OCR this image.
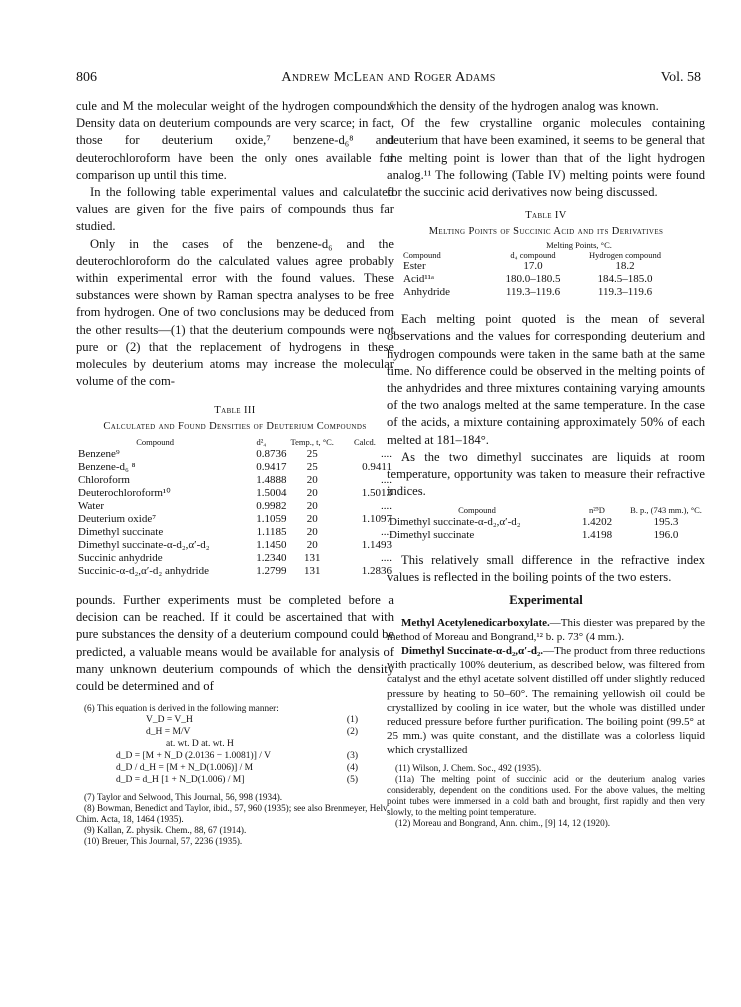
806	Andrew McLean and Roger Adams	Vol. 58

cule and M the molecular weight of the hydrogen compound.⁶ Density data on deuterium compounds are very scarce; in fact, those for deuterium oxide,⁷ benzene-d₆⁸ and deuterochloroform have been the only ones available for comparison up until this time.

In the following table experimental values and calculated values are given for the five pairs of compounds thus far studied.

Only in the cases of the benzene-d₆ and the deuterochloroform do the calculated values agree probably within experimental error with the found values. These substances were shown by Raman spectra analyses to be free from hydrogen. One of two conclusions may be deduced from the other results—(1) that the deuterium compounds were not pure or (2) that the replacement of hydrogens in these molecules by deuterium atoms may increase the molecular volume of the com-

Table III
Calculated and Found Densities of Deuterium Compounds
Compound	d²₄	Temp., t, °C.	Calcd.
Benzene⁹	0.8736	25	....
Benzene-d₆ ⁸	0.9417	25	0.9411
Chloroform	1.4888	20	....
Deuterochloroform¹⁰	1.5004	20	1.5013
Water	0.9982	20	....
Deuterium oxide⁷	1.1059	20	1.1097
Dimethyl succinate	1.1185	20	....
Dimethyl succinate-α-d₂,α′-d₂	1.1450	20	1.1493
Succinic anhydride	1.2340	131	....
Succinic-α-d₂,α′-d₂ anhydride	1.2799	131	1.2836

pounds. Further experiments must be completed before a decision can be reached. If it could be ascertained that with pure substances the density of a deuterium compound could be predicted, a valuable means would be available for analysis of many unknown deuterium compounds of which the density could be determined and of

(6) This equation is derived in the following manner:
V_D = V_H	(1)
d_H = M/V	(2)
at. wt. D at. wt. H
d_D = [M + N_D (2.0136 − 1.0081)] / V	(3)
d_D / d_H = [M + N_D(1.006)] / M	(4)
d_D = d_H [1 + N_D(1.006) / M]	(5)
(7) Taylor and Selwood, This Journal, 56, 998 (1934).
(8) Bowman, Benedict and Taylor, ibid., 57, 960 (1935); see also Brenmeyer, Helv. Chim. Acta, 18, 1464 (1935).
(9) Kallan, Z. physik. Chem., 88, 67 (1914).
(10) Breuer, This Journal, 57, 2236 (1935).

which the density of the hydrogen analog was known.

Of the few crystalline organic molecules containing deuterium that have been examined, it seems to be general that the melting point is lower than that of the light hydrogen analog.¹¹ The following (Table IV) melting points were found for the succinic acid derivatives now being discussed.

Table IV
Melting Points of Succinic Acid and its Derivatives
	Melting Points, °C.	
Compound	d₄ compound	Hydrogen compound
Ester	17.0	18.2
Acid¹¹ᵃ	180.0–180.5	184.5–185.0
Anhydride	119.3–119.6	119.3–119.6

Each melting point quoted is the mean of several observations and the values for corresponding deuterium and hydrogen compounds were taken in the same bath at the same time. No difference could be observed in the melting points of the anhydrides and three mixtures containing varying amounts of the two analogs melted at the same temperature. In the case of the acids, a mixture containing approximately 50% of each melted at 181–184°.

As the two dimethyl succinates are liquids at room temperature, opportunity was taken to measure their refractive indices.

Compound	n²⁵D	B. p., (743 mm.), °C.
Dimethyl succinate-α-d₂,α′-d₂	1.4202	195.3
Dimethyl succinate	1.4198	196.0

This relatively small difference in the refractive index values is reflected in the boiling points of the two esters.

Experimental

Methyl Acetylenedicarboxylate.—This diester was prepared by the method of Moreau and Bongrand,¹² b. p. 73° (4 mm.).

Dimethyl Succinate-α-d₂,α′-d₂.—The product from three reductions with practically 100% deuterium, as described below, was filtered from catalyst and the ethyl acetate solvent distilled off under slightly reduced pressure by heating to 50–60°. The remaining yellowish oil could be crystallized by cooling in ice water, but the whole was distilled under reduced pressure before further purification. The boiling point (99.5° at 25 mm.) was quite constant, and the distillate was a colorless liquid which crystallized

(11) Wilson, J. Chem. Soc., 492 (1935).
(11a) The melting point of succinic acid or the deuterium analog varies considerably, dependent on the conditions used. For the above values, the melting point tubes were immersed in a cold bath and brought, first rapidly and then very slowly, to the melting point temperature.
(12) Moreau and Bongrand, Ann. chim., [9] 14, 12 (1920).
